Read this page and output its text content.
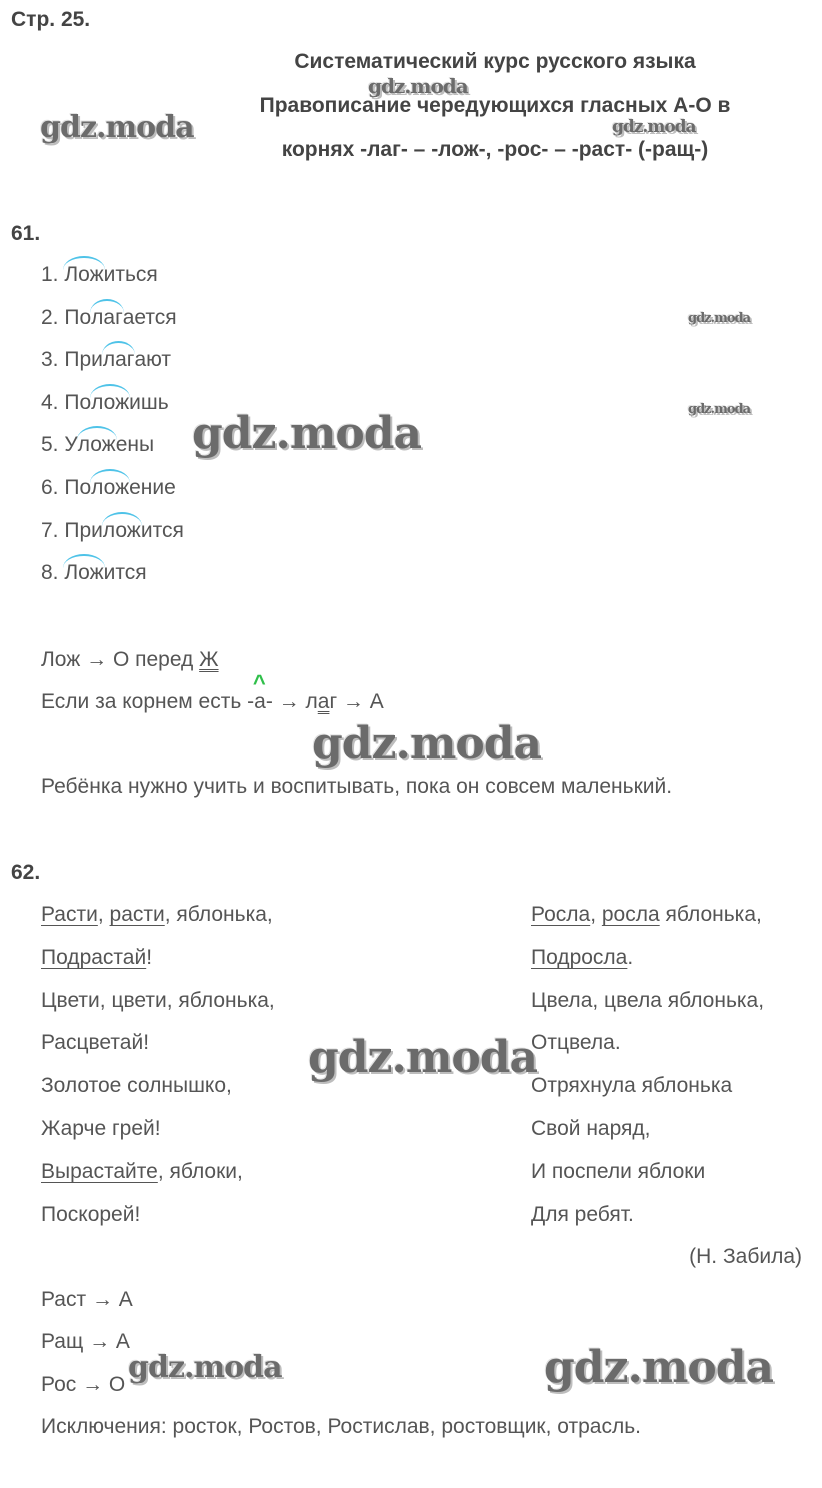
Стр. 25.
Систематический курс русского языка
Правописание чередующихся гласных А-О в
корнях -лаг- – -лож-, -рос- – -раст- (-ращ-)
61.
1. Ложиться
2. По
лагается
3. При
лагают
4. По
ложишь
5. У
ложены
6. По
ложение
7. При
ложится
8. Ложится
Лож → О перед Ж
Если за корнем есть -
^
а- → лаг → А
Ребёнка нужно учить и воспитывать, пока он совсем маленький.
62.
Расти, расти, яблонька,
Подрастай!
Цвети, цвети, яблонька,
Расцветай!
Золотое солнышко,
Жарче грей!
Вырастайте, яблоки,
Поскорей!
Росла, росла яблонька,
Подросла.
Цвела, цвела яблонька,
Отцвела.
Отряхнула яблонька
Свой наряд,
И поспели яблоки
Для ребят.
(Н. Забила)
Раст → А
Ращ → А
Рос → О
Исключения: росток, Ростов, Ростислав, ростовщик, отрасль.
gdz.moda
gdz.moda
gdz.moda
gdz.moda
gdz.moda
gdz.moda
gdz.moda
gdz.moda
gdz.moda	gdz.moda
